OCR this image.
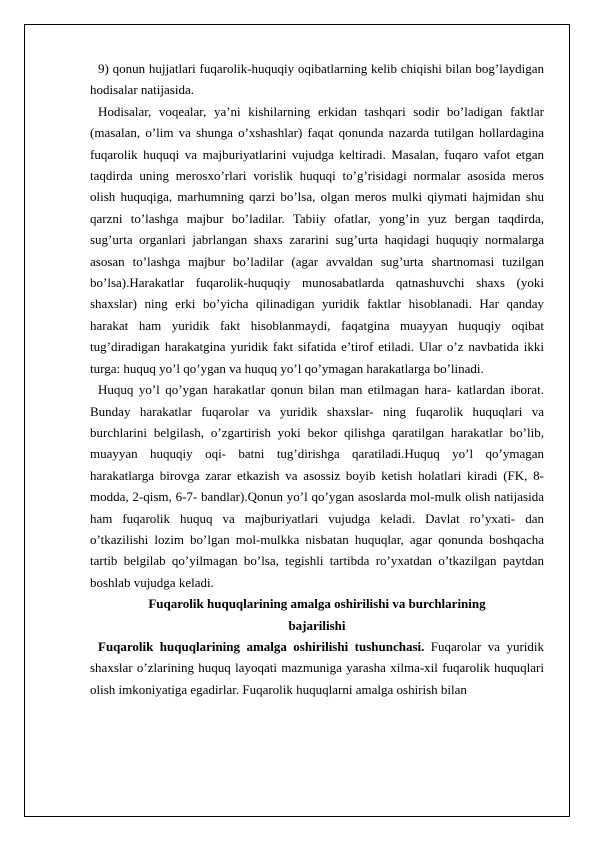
9) qonun hujjatlari fuqarolik-huquqiy oqibatlarning kelib chiqishi bilan bog’laydigan hodisalar natijasida.

Hodisalar, voqealar, ya’ni kishilarning erkidan tashqari sodir bo’ladigan faktlar (masalan, o’lim va shunga o’xshashlar) faqat qonunda nazarda tutilgan hollardagina fuqarolik huquqi va majburiyatlarini vujudga keltiradi. Masalan, fuqaro vafot etgan taqdirda uning merosxo’rlari vorislik huquqi to’g’risidagi normalar asosida meros olish huquqiga, marhumning qarzi bo’lsa, olgan meros mulki qiymati hajmidan shu qarzni to’lashga majbur bo’ladilar. Tabiiy ofatlar, yong’in yuz bergan taqdirda, sug’urta organlari jabrlangan shaxs zararini sug’urta haqidagi huquqiy normalarga asosan to’lashga majbur bo’ladilar (agar avvaldan sug’urta shartnomasi tuzilgan bo’lsa).Harakatlar fuqarolik-huquqiy munosabatlarda qatnashuvchi shaxs (yoki shaxslar) ning erki bo’yicha qilinadigan yuridik faktlar hisoblanadi. Har qanday harakat ham yuridik fakt hisoblanmaydi, faqatgina muayyan huquqiy oqibat tug’diradigan harakatgina yuridik fakt sifatida e’tirof etiladi. Ular o’z navbatida ikki turga: huquq yo’l qo’ygan va huquq yo’l qo’ymagan harakatlarga bo’linadi.

Huquq yo’l qo’ygan harakatlar qonun bilan man etilmagan hara- katlardan iborat. Bunday harakatlar fuqarolar va yuridik shaxslar- ning fuqarolik huquqlari va burchlarini belgilash, o’zgartirish yoki bekor qilishga qaratilgan harakatlar bo’lib, muayyan huquqiy oqi- batni tug’dirishga qaratiladi.Huquq yo’l qo’ymagan harakatlarga birovga zarar etkazish va asossiz boyib ketish holatlari kiradi (FK, 8-modda, 2-qism, 6-7- bandlar).Qonun yo’l qo’ygan asoslarda mol-mulk olish natijasida ham fuqarolik huquq va majburiyatlari vujudga keladi. Davlat ro’yxati- dan o’tkazilishi lozim bo’lgan mol-mulkka nisbatan huquqlar, agar qonunda boshqacha tartib belgilab qo’yilmagan bo’lsa, tegishli tartibda ro’yxatdan o’tkazilgan paytdan boshlab vujudga keladi.

Fuqarolik huquqlarining amalga oshirilishi va burchlarining
bajarilishi

Fuqarolik huquqlarining amalga oshirilishi tushunchasi. Fuqarolar va yuridik shaxslar o’zlarining huquq layoqati mazmuniga yarasha xilma-xil fuqarolik huquqlari olish imkoniyatiga egadirlar. Fuqarolik huquqlarni amalga oshirish bilan
